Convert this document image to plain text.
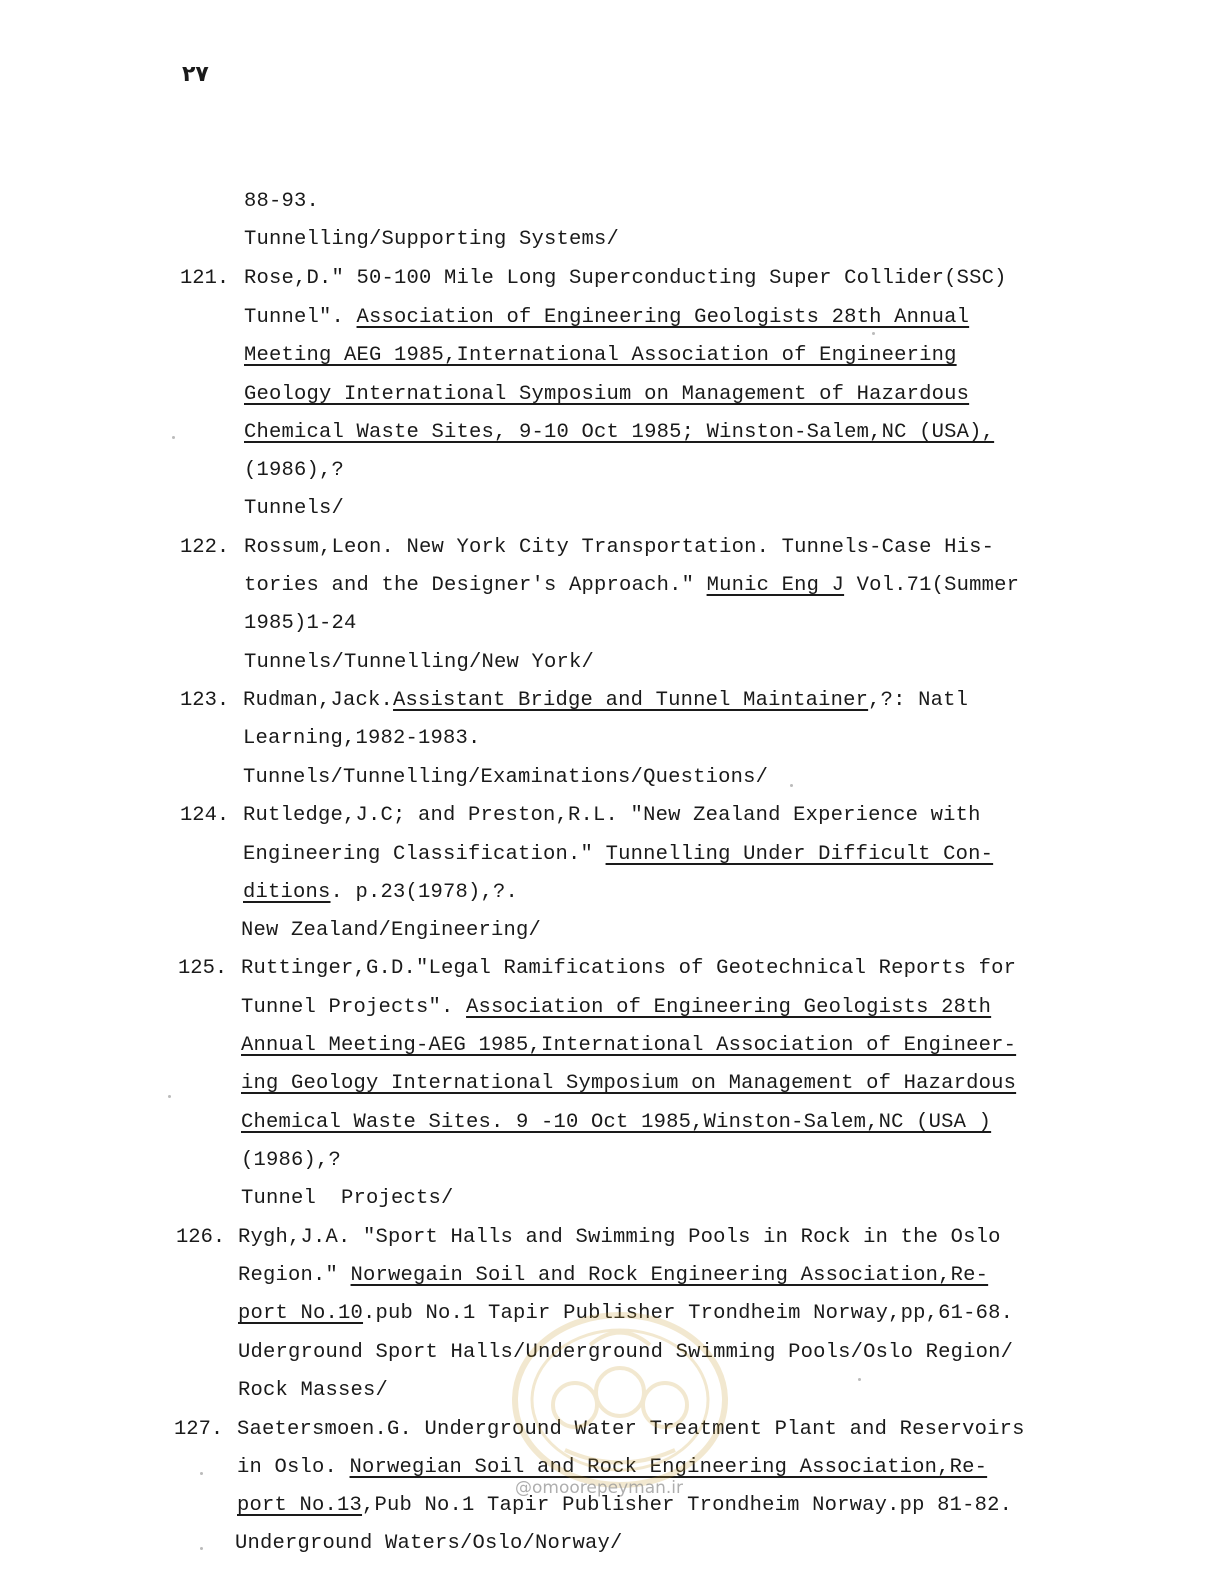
۲۷
88-93.
Tunnelling/Supporting Systems/
121. Rose,D." 50-100 Mile Long Superconducting Super Collider(SSC)
Tunnel". Association of Engineering Geologists 28th Annual
Meeting AEG 1985,International Association of Engineering
Geology International Symposium on Management of Hazardous
Chemical Waste Sites, 9-10 Oct 1985; Winston-Salem,NC (USA),
(1986),?
Tunnels/
122. Rossum,Leon. New York City Transportation. Tunnels-Case His-
tories and the Designer's Approach." Munic Eng J Vol.71(Summer
1985)1-24
Tunnels/Tunnelling/New York/
123. Rudman,Jack.Assistant Bridge and Tunnel Maintainer,?: Natl
Learning,1982-1983.
Tunnels/Tunnelling/Examinations/Questions/
124. Rutledge,J.C; and Preston,R.L. "New Zealand Experience with
Engineering Classification." Tunnelling Under Difficult Con-
ditions. p.23(1978),?.
New Zealand/Engineering/
125. Ruttinger,G.D."Legal Ramifications of Geotechnical Reports for
Tunnel Projects". Association of Engineering Geologists 28th
Annual Meeting-AEG 1985,International Association of Engineer-
ing Geology International Symposium on Management of Hazardous
Chemical Waste Sites. 9 -10 Oct 1985,Winston-Salem,NC (USA )
(1986),?
Tunnel  Projects/
126. Rygh,J.A. "Sport Halls and Swimming Pools in Rock in the Oslo
Region." Norwegain Soil and Rock Engineering Association,Re-
port No.10.pub No.1 Tapir Publisher Trondheim Norway,pp,61-68.
Uderground Sport Halls/Underground Swimming Pools/Oslo Region/
Rock Masses/
127. Saetersmoen.G. Underground Water Treatment Plant and Reservoirs
in Oslo. Norwegian Soil and Rock Engineering Association,Re-
port No.13,Pub No.1 Tapir Publisher Trondheim Norway.pp 81-82.
Underground Waters/Oslo/Norway/
@omoorepeyman.ir
